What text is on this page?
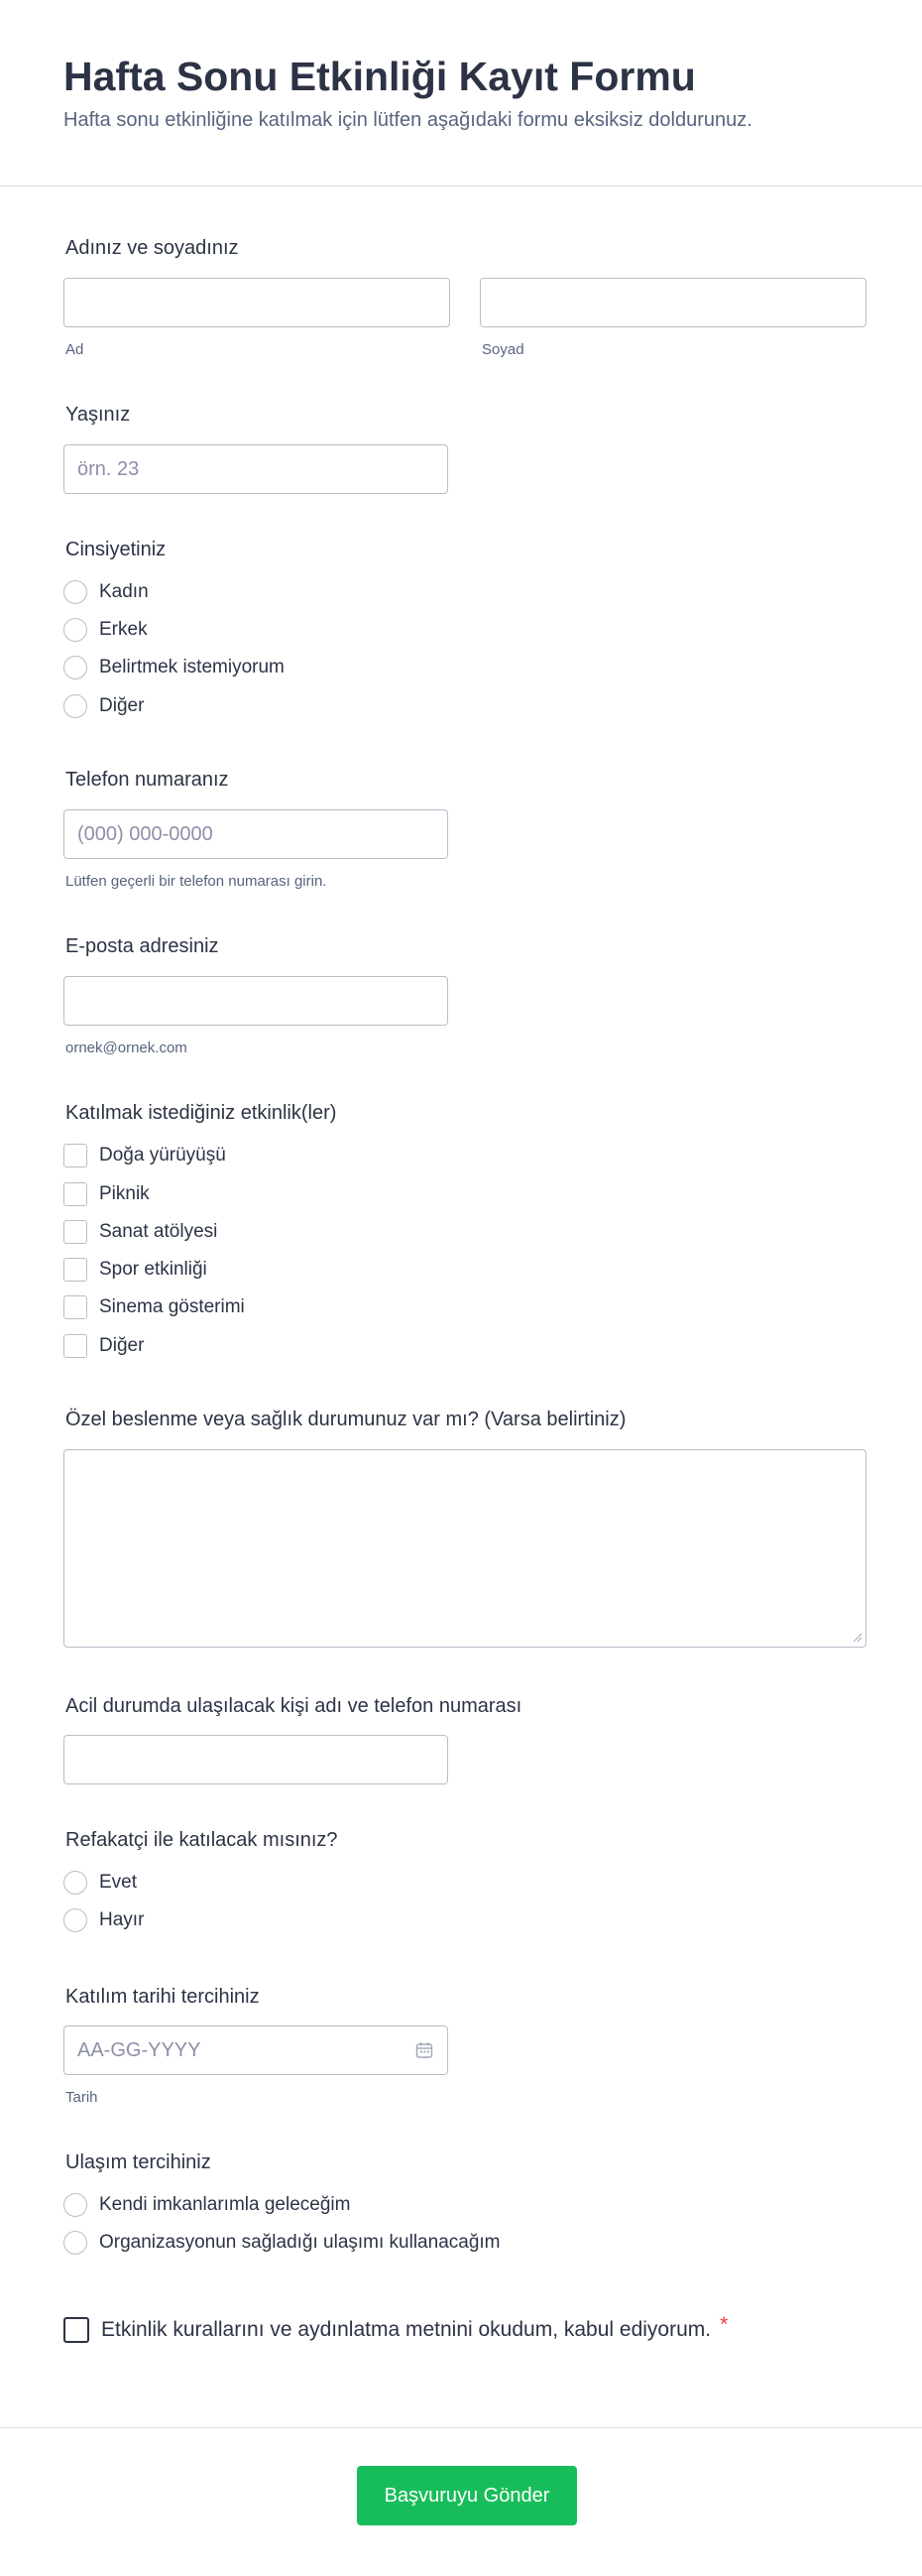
Hafta Sonu Etkinliği Kayıt Formu
Hafta sonu etkinliğine katılmak için lütfen aşağıdaki formu eksiksiz doldurunuz.
Adınız ve soyadınız
Ad	Soyad
Yaşınız
örn. 23
Cinsiyetiniz
Kadın
Erkek
Belirtmek istemiyorum
Diğer
Telefon numaranız
(000) 000-0000
Lütfen geçerli bir telefon numarası girin.
E-posta adresiniz
ornek@ornek.com
Katılmak istediğiniz etkinlik(ler)
Doğa yürüyüşü
Piknik
Sanat atölyesi
Spor etkinliği
Sinema gösterimi
Diğer
Özel beslenme veya sağlık durumunuz var mı? (Varsa belirtiniz)
Acil durumda ulaşılacak kişi adı ve telefon numarası
Refakatçi ile katılacak mısınız?
Evet
Hayır
Katılım tarihi tercihiniz
AA-GG-YYYY
Tarih
Ulaşım tercihiniz
Kendi imkanlarımla geleceğim
Organizasyonun sağladığı ulaşımı kullanacağım
Etkinlik kurallarını ve aydınlatma metnini okudum, kabul ediyorum. *
Başvuruyu Gönder
